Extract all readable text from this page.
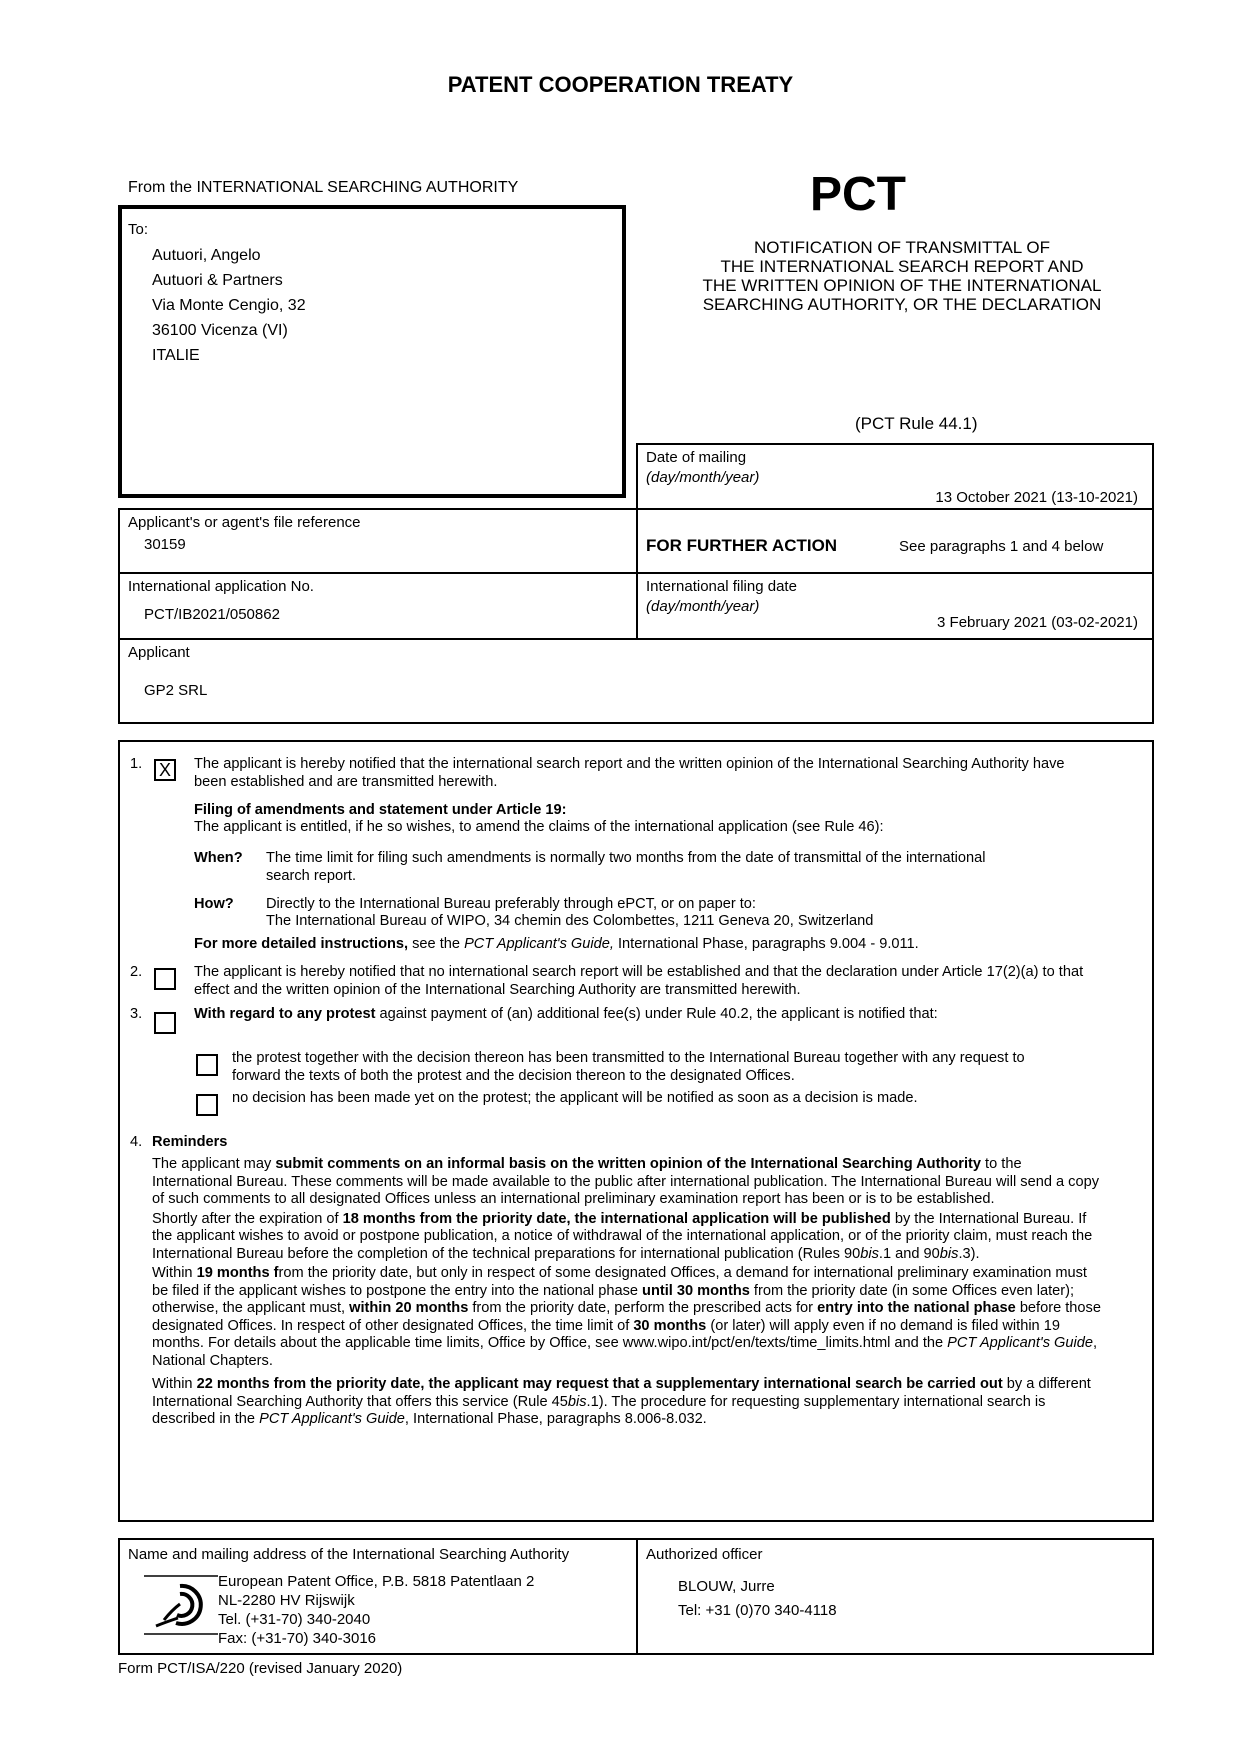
PATENT COOPERATION TREATY
From the INTERNATIONAL SEARCHING AUTHORITY	PCT
NOTIFICATION OF TRANSMITTAL OF
THE INTERNATIONAL SEARCH REPORT AND
THE WRITTEN OPINION OF THE INTERNATIONAL
SEARCHING AUTHORITY, OR THE DECLARATION
(PCT Rule 44.1)
To:
Autuori, Angelo
Autuori & Partners
Via Monte Cengio, 32
36100 Vicenza (VI)
ITALIE
Date of mailing
(day/month/year)
13 October 2021 (13-10-2021)
FOR FURTHER ACTION	See paragraphs 1 and 4 below
International filing date
(day/month/year)
3 February 2021 (03-02-2021)
Applicant's or agent's file reference
30159
International application No.
PCT/IB2021/050862
Applicant
GP2 SRL
1. X	The applicant is hereby notified that the international search report and the written opinion of the International Searching Authority have been established and are transmitted herewith.
Filing of amendments and statement under Article 19:
The applicant is entitled, if he so wishes, to amend the claims of the international application (see Rule 46):
When? The time limit for filing such amendments is normally two months from the date of transmittal of the international search report.
How? Directly to the International Bureau preferably through ePCT, or on paper to:
The International Bureau of WIPO, 34 chemin des Colombettes, 1211 Geneva 20, Switzerland
For more detailed instructions, see the PCT Applicant's Guide, International Phase, paragraphs 9.004 - 9.011.
2.	The applicant is hereby notified that no international search report will be established and that the declaration under Article 17(2)(a) to that effect and the written opinion of the International Searching Authority are transmitted herewith.
3.	With regard to any protest against payment of (an) additional fee(s) under Rule 40.2, the applicant is notified that:
the protest together with the decision thereon has been transmitted to the International Bureau together with any request to forward the texts of both the protest and the decision thereon to the designated Offices.
no decision has been made yet on the protest; the applicant will be notified as soon as a decision is made.
4. Reminders

The applicant may submit comments on an informal basis on the written opinion of the International Searching Authority to the International Bureau. These comments will be made available to the public after international publication. The International Bureau will send a copy of such comments to all designated Offices unless an international preliminary examination report has been or is to be established.

Shortly after the expiration of 18 months from the priority date, the international application will be published by the International Bureau. If the applicant wishes to avoid or postpone publication, a notice of withdrawal of the international application, or of the priority claim, must reach the International Bureau before the completion of the technical preparations for international publication (Rules 90bis.1 and 90bis.3).

Within 19 months from the priority date, but only in respect of some designated Offices, a demand for international preliminary examination must be filed if the applicant wishes to postpone the entry into the national phase until 30 months from the priority date (in some Offices even later); otherwise, the applicant must, within 20 months from the priority date, perform the prescribed acts for entry into the national phase before those designated Offices. In respect of other designated Offices, the time limit of 30 months (or later) will apply even if no demand is filed within 19 months. For details about the applicable time limits, Office by Office, see www.wipo.int/pct/en/texts/time_limits.html and the PCT Applicant's Guide, National Chapters.

Within 22 months from the priority date, the applicant may request that a supplementary international search be carried out by a different International Searching Authority that offers this service (Rule 45bis.1). The procedure for requesting supplementary international search is described in the PCT Applicant's Guide, International Phase, paragraphs 8.006-8.032.

Name and mailing address of the International Searching Authority
European Patent Office, P.B. 5818 Patentlaan 2
NL-2280 HV Rijswijk
Tel. (+31-70) 340-2040
Fax: (+31-70) 340-3016
Authorized officer
BLOUW, Jurre
Tel: +31 (0)70 340-4118
Form PCT/ISA/220 (revised January 2020)
